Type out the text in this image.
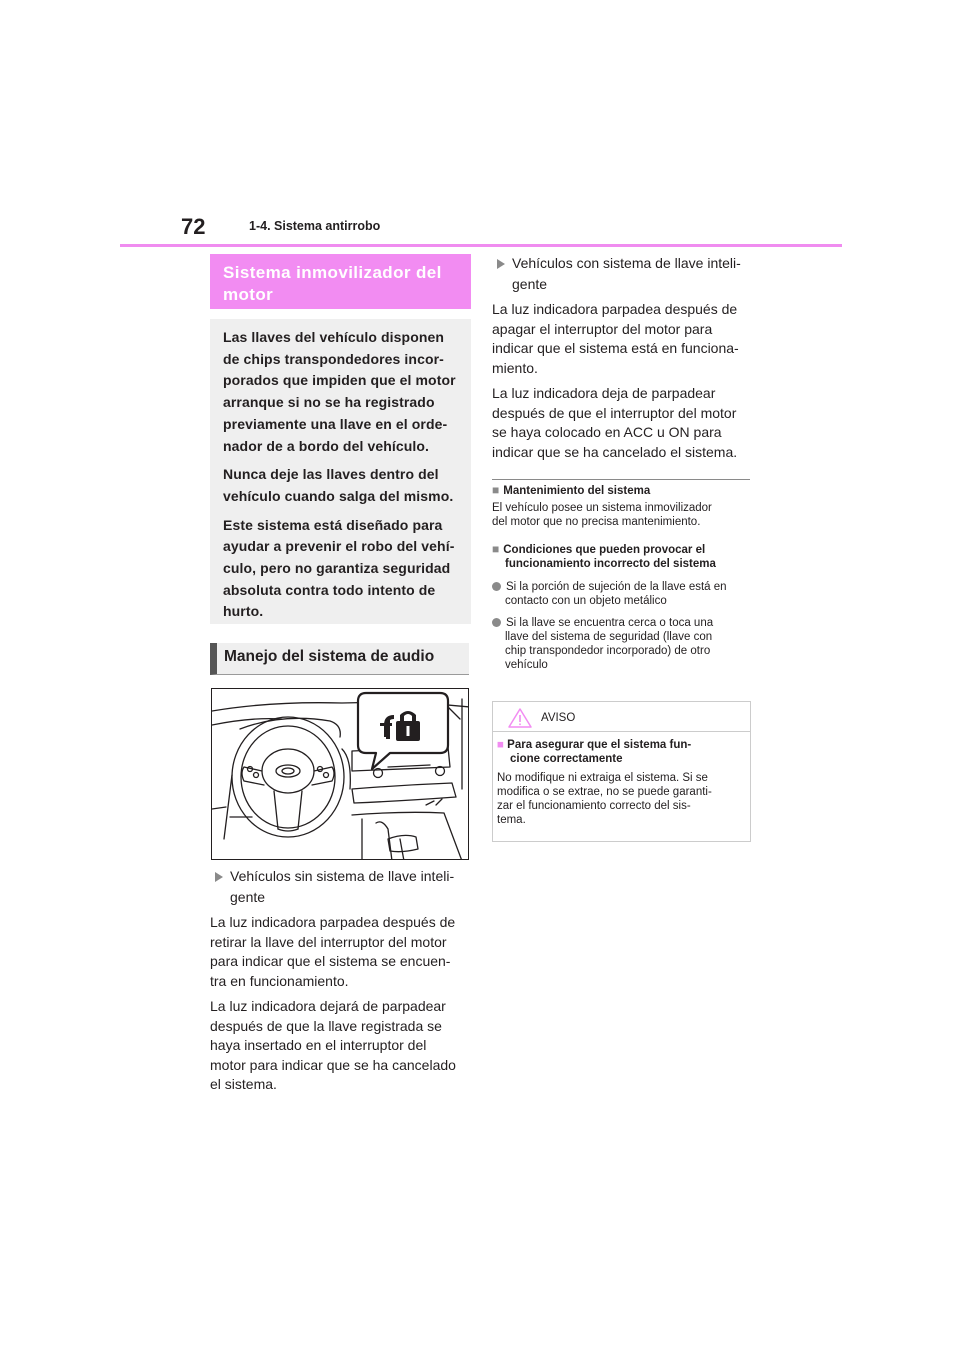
72	1-4. Sistema antirrobo
Sistema inmovilizador del
motor

Las llaves del vehículo disponen
de chips transpondedores incor-
porados que impiden que el motor
arranque si no se ha registrado
previamente una llave en el orde-
nador de a bordo del vehículo.

Nunca deje las llaves dentro del
vehículo cuando salga del mismo.

Este sistema está diseñado para
ayudar a prevenir el robo del vehí-
culo, pero no garantiza seguridad
absoluta contra todo intento de
hurto.

Manejo del sistema de audio
Vehículos sin sistema de llave inteli-
gente

La luz indicadora parpadea después de
retirar la llave del interruptor del motor
para indicar que el sistema se encuen-
tra en funcionamiento.

La luz indicadora dejará de parpadear
después de que la llave registrada se
haya insertado en el interruptor del
motor para indicar que se ha cancelado
el sistema.

Vehículos con sistema de llave inteli-
gente

La luz indicadora parpadea después de
apagar el interruptor del motor para
indicar que el sistema está en funciona-
miento.

La luz indicadora deja de parpadear
después de que el interruptor del motor
se haya colocado en ACC u ON para
indicar que se ha cancelado el sistema.

■ Mantenimiento del sistema
El vehículo posee un sistema inmovilizador
del motor que no precisa mantenimiento.
■ Condiciones que pueden provocar el
funcionamiento incorrecto del sistema
Si la porción de sujeción de la llave está en
contacto con un objeto metálico
Si la llave se encuentra cerca o toca una
llave del sistema de seguridad (llave con
chip transpondedor incorporado) de otro
vehículo
AVISO
■ Para asegurar que el sistema fun-
cione correctamente
No modifique ni extraiga el sistema. Si se
modifica o se extrae, no se puede garanti-
zar el funcionamiento correcto del sis-
tema.
